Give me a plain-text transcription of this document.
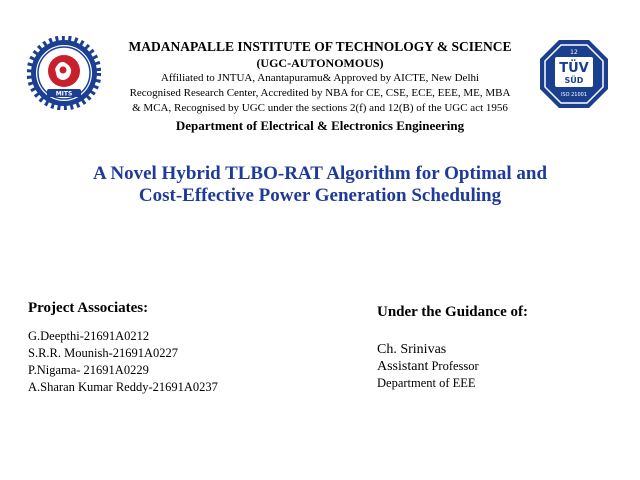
MITS
MADANAPALLE INSTITUTE OF TECHNOLOGY & SCIENCE
(UGC-AUTONOMOUS)
Affiliated to JNTUA, Anantapuramu& Approved by AICTE, New Delhi
Recognised Research Center, Accredited by NBA for CE, CSE, ECE, EEE, ME, MBA
& MCA, Recognised by UGC under the sections 2(f) and 12(B) of the UGC act 1956
Department of Electrical & Electronics Engineering
12
TÜV
SÜD
ISO 21001
A Novel Hybrid TLBO-RAT Algorithm for Optimal and
Cost-Effective Power Generation Scheduling
Project Associates:
G.Deepthi-21691A0212
S.R.R. Mounish-21691A0227
P.Nigama- 21691A0229
A.Sharan Kumar Reddy-21691A0237
Under the Guidance of:
Ch. Srinivas
Assistant Professor
Department of EEE
